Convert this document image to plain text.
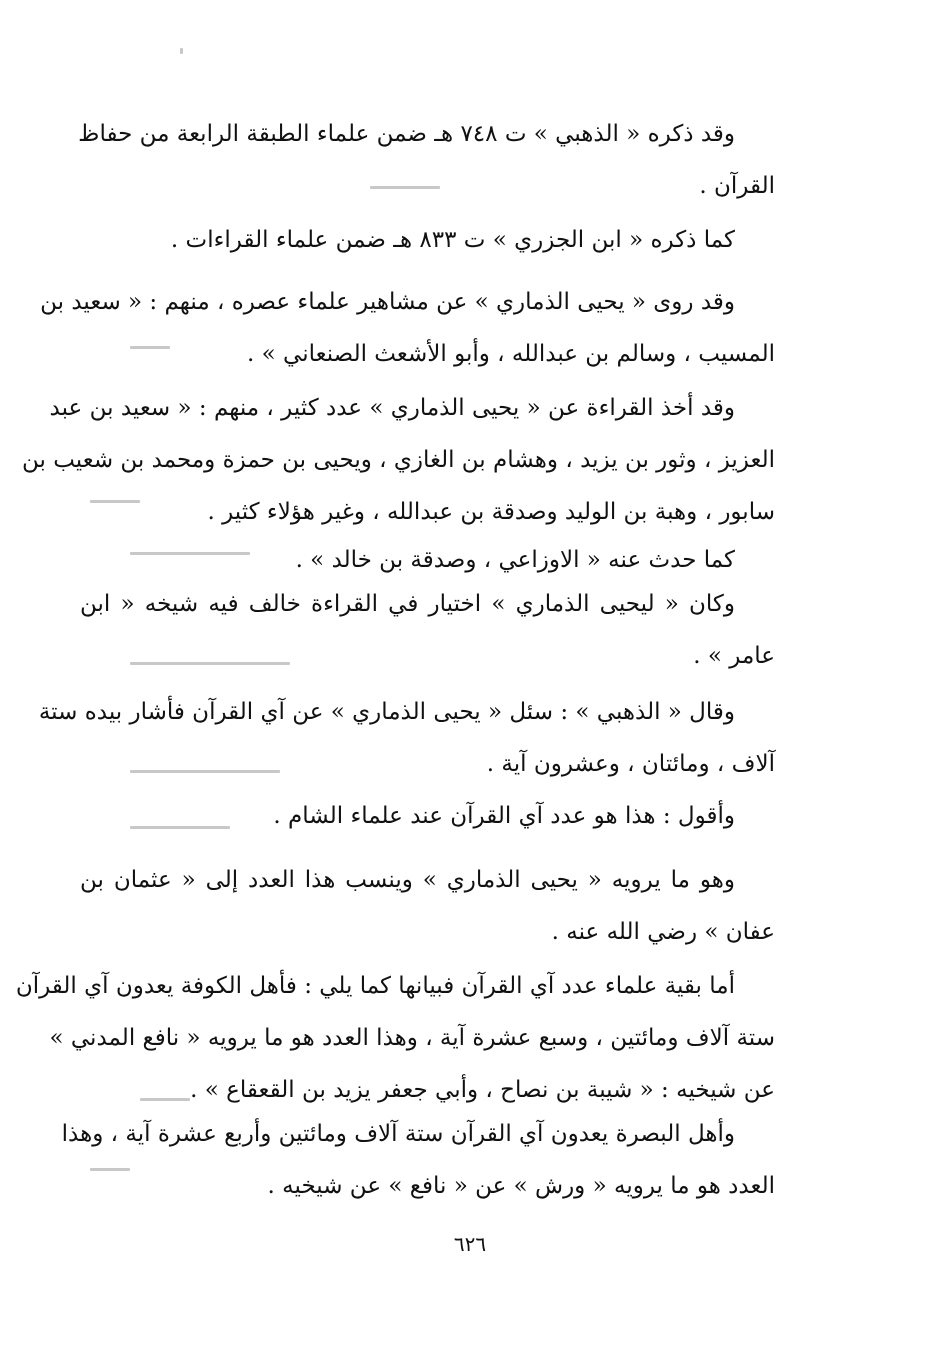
وقد ذكره « الذهبي » ت ٧٤٨ هـ ضمن علماء الطبقة الرابعة من حفاظ
القرآن .
كما ذكره « ابن الجزري » ت ٨٣٣ هـ ضمن علماء القراءات .
وقد روى « يحيى الذماري » عن مشاهير علماء عصره ، منهم : « سعيد بن
المسيب ، وسالم بن عبدالله ، وأبو الأشعث الصنعاني » .
وقد أخذ القراءة عن « يحيى الذماري » عدد كثير ، منهم : « سعيد بن عبد
العزيز ، وثور بن يزيد ، وهشام بن الغازي ، ويحيى بن حمزة ومحمد بن شعيب بن
سابور ، وهبة بن الوليد وصدقة بن عبدالله ، وغير هؤلاء كثير .
كما حدث عنه « الاوزاعي ، وصدقة بن خالد » .
وكان « ليحيى الذماري » اختيار في القراءة خالف فيه شيخه « ابن
عامر » .
وقال « الذهبي » : سئل « يحيى الذماري » عن آي القرآن فأشار بيده ستة
آلاف ، ومائتان ، وعشرون آية .
وأقول : هذا هو عدد آي القرآن عند علماء الشام .
وهو ما يرويه « يحيى الذماري » وينسب هذا العدد إلى « عثمان بن
عفان » رضي الله عنه .
أما بقية علماء عدد آي القرآن فبيانها كما يلي : فأهل الكوفة يعدون آي القرآن
ستة آلاف ومائتين ، وسبع عشرة آية ، وهذا العدد هو ما يرويه « نافع المدني »
عن شيخيه : « شيبة بن نصاح ، وأبي جعفر يزيد بن القعقاع » .
وأهل البصرة يعدون آي القرآن ستة آلاف ومائتين وأربع عشرة آية ، وهذا
العدد هو ما يرويه « ورش » عن « نافع » عن شيخيه .
٦٢٦
